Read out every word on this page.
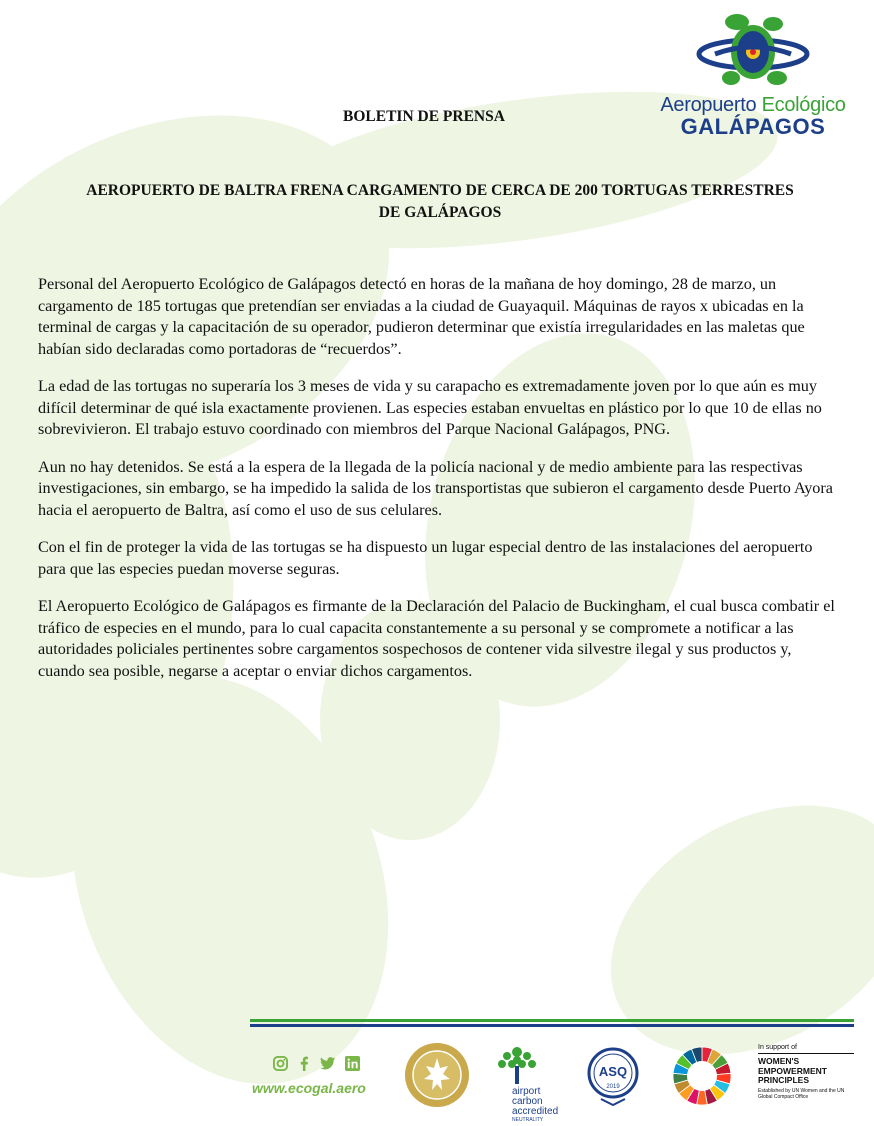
Aeropuerto Ecológico
GALÁPAGOS
BOLETIN DE PRENSA
AEROPUERTO DE BALTRA FRENA CARGAMENTO DE CERCA DE 200 TORTUGAS TERRESTRES
DE GALÁPAGOS

Personal del Aeropuerto Ecológico de Galápagos detectó en horas de la mañana de hoy domingo, 28 de marzo, un cargamento de 185 tortugas que pretendían ser enviadas a la ciudad de Guayaquil. Máquinas de rayos x ubicadas en la terminal de cargas y la capacitación de su operador, pudieron determinar que existía irregularidades en las maletas que habían sido declaradas como portadoras de “recuerdos”.

La edad de las tortugas no superaría los 3 meses de vida y su carapacho es extremadamente joven por lo que aún es muy difícil determinar de qué isla exactamente provienen. Las especies estaban envueltas en plástico por lo que 10 de ellas no sobrevivieron. El trabajo estuvo coordinado con miembros del Parque Nacional Galápagos, PNG.

Aun no hay detenidos. Se está a la espera de la llegada de la policía nacional y de medio ambiente para las respectivas investigaciones, sin embargo, se ha impedido la salida de los transportistas que subieron el cargamento desde Puerto Ayora hacia el aeropuerto de Baltra, así como el uso de sus celulares.

Con el fin de proteger la vida de las tortugas se ha dispuesto un lugar especial dentro de las instalaciones del aeropuerto para que las especies puedan moverse seguras.

El Aeropuerto Ecológico de Galápagos es firmante de la Declaración del Palacio de Buckingham, el cual busca combatir el tráfico de especies en el mundo, para lo cual capacita constantemente a su personal y se compromete a notificar a las autoridades policiales pertinentes sobre cargamentos sospechosos de contener vida silvestre ilegal y sus productos y, cuando sea posible, negarse a aceptar o enviar dichos cargamentos.

www.ecogal.aero	airport
carbon
accredited
NEUTRALITY
ASQ
2019
In support of
WOMEN'S
EMPOWERMENT
PRINCIPLES
Established by UN Women and the UN Global Compact Office
